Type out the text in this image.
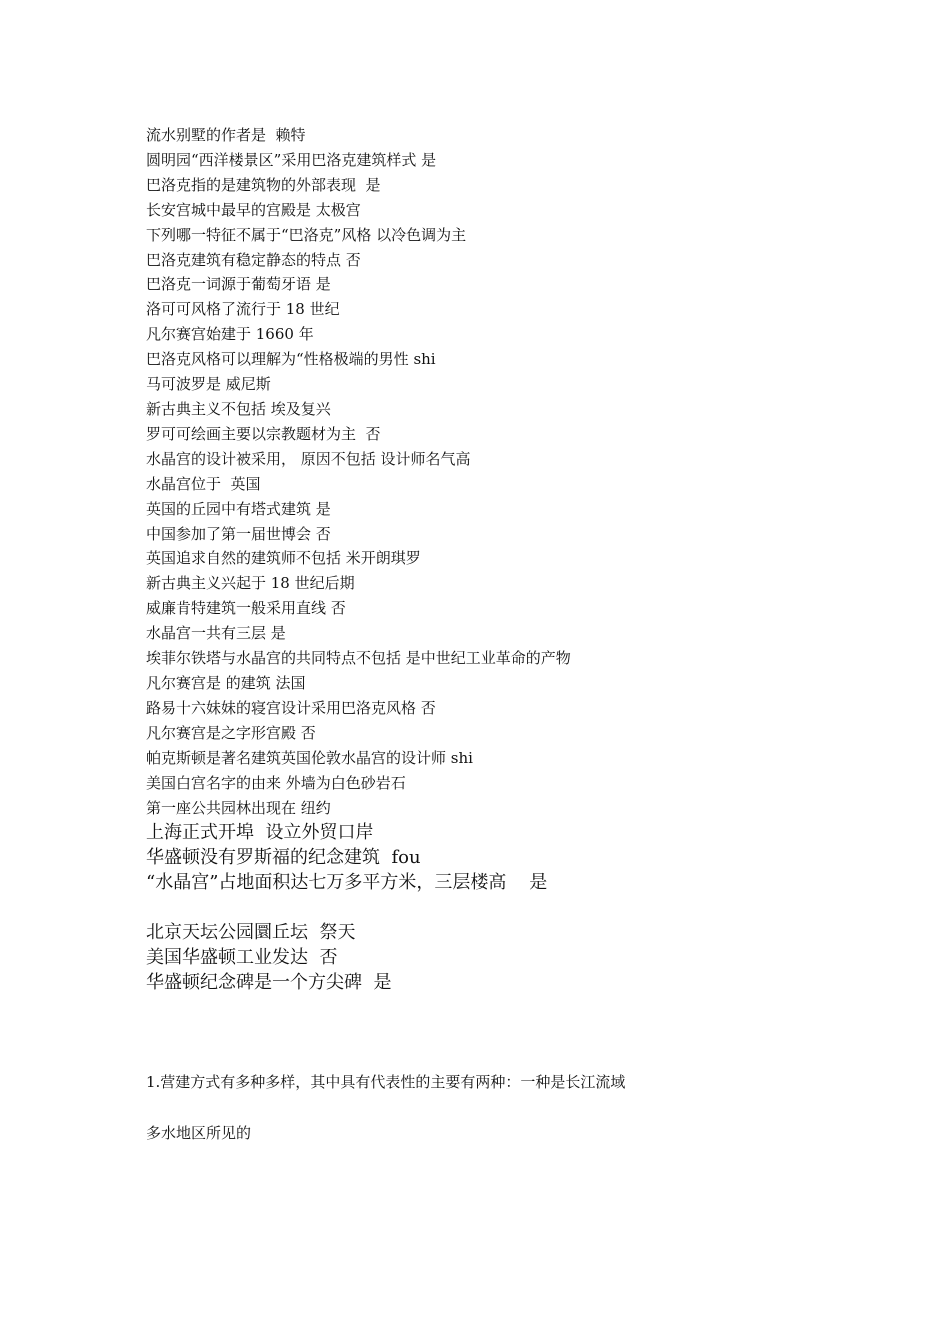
流水别墅的作者是  赖特
圆明园“西洋楼景区”采用巴洛克建筑样式 是
巴洛克指的是建筑物的外部表现  是
长安宫城中最早的宫殿是 太极宫
下列哪一特征不属于“巴洛克”风格 以冷色调为主
巴洛克建筑有稳定静态的特点 否
巴洛克一词源于葡萄牙语 是
洛可可风格了流行于 18 世纪
凡尔赛宫始建于 1660 年
巴洛克风格可以理解为“性格极端的男性 shi
马可波罗是 威尼斯
新古典主义不包括 埃及复兴
罗可可绘画主要以宗教题材为主  否
水晶宫的设计被采用， 原因不包括 设计师名气高
水晶宫位于  英国
英国的丘园中有塔式建筑 是
中国参加了第一届世博会 否
英国追求自然的建筑师不包括 米开朗琪罗
新古典主义兴起于 18 世纪后期
威廉肯特建筑一般采用直线 否
水晶宫一共有三层 是
埃菲尔铁塔与水晶宫的共同特点不包括 是中世纪工业革命的产物
凡尔赛宫是 的建筑 法国
路易十六妹妹的寝宫设计采用巴洛克风格 否
凡尔赛宫是之字形宫殿 否
帕克斯顿是著名建筑英国伦敦水晶宫的设计师 shi
美国白宫名字的由来 外墙为白色砂岩石
第一座公共园林出现在 纽约
上海正式开埠  设立外贸口岸
华盛顿没有罗斯福的纪念建筑  fou
“水晶宫”占地面积达七万多平方米，三层楼高    是
北京天坛公园圜丘坛  祭天
美国华盛顿工业发达  否
华盛顿纪念碑是一个方尖碑  是
1.营建方式有多种多样，其中具有代表性的主要有两种：一种是长江流域
多水地区所见的
